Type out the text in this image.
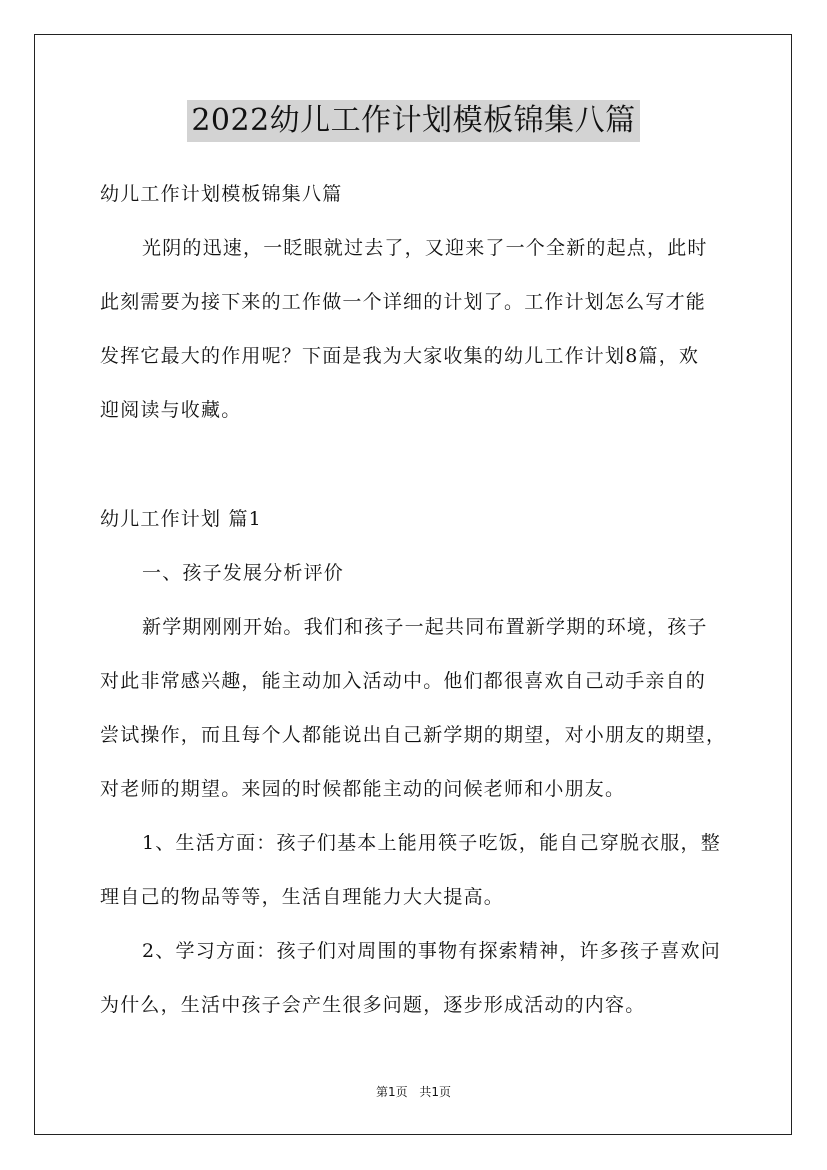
2022幼儿工作计划模板锦集八篇
幼儿工作计划模板锦集八篇
光阴的迅速，一眨眼就过去了，又迎来了一个全新的起点，此时
此刻需要为接下来的工作做一个详细的计划了。工作计划怎么写才能
发挥它最大的作用呢？下面是我为大家收集的幼儿工作计划8篇，欢
迎阅读与收藏。
幼儿工作计划 篇1
一、孩子发展分析评价
新学期刚刚开始。我们和孩子一起共同布置新学期的环境，孩子
对此非常感兴趣，能主动加入活动中。他们都很喜欢自己动手亲自的
尝试操作，而且每个人都能说出自己新学期的期望，对小朋友的期望，
对老师的期望。来园的时候都能主动的问候老师和小朋友。
1、生活方面：孩子们基本上能用筷子吃饭，能自己穿脱衣服，整
理自己的物品等等，生活自理能力大大提高。
2、学习方面：孩子们对周围的事物有探索精神，许多孩子喜欢问
为什么，生活中孩子会产生很多问题，逐步形成活动的内容。
第1页 共1页
